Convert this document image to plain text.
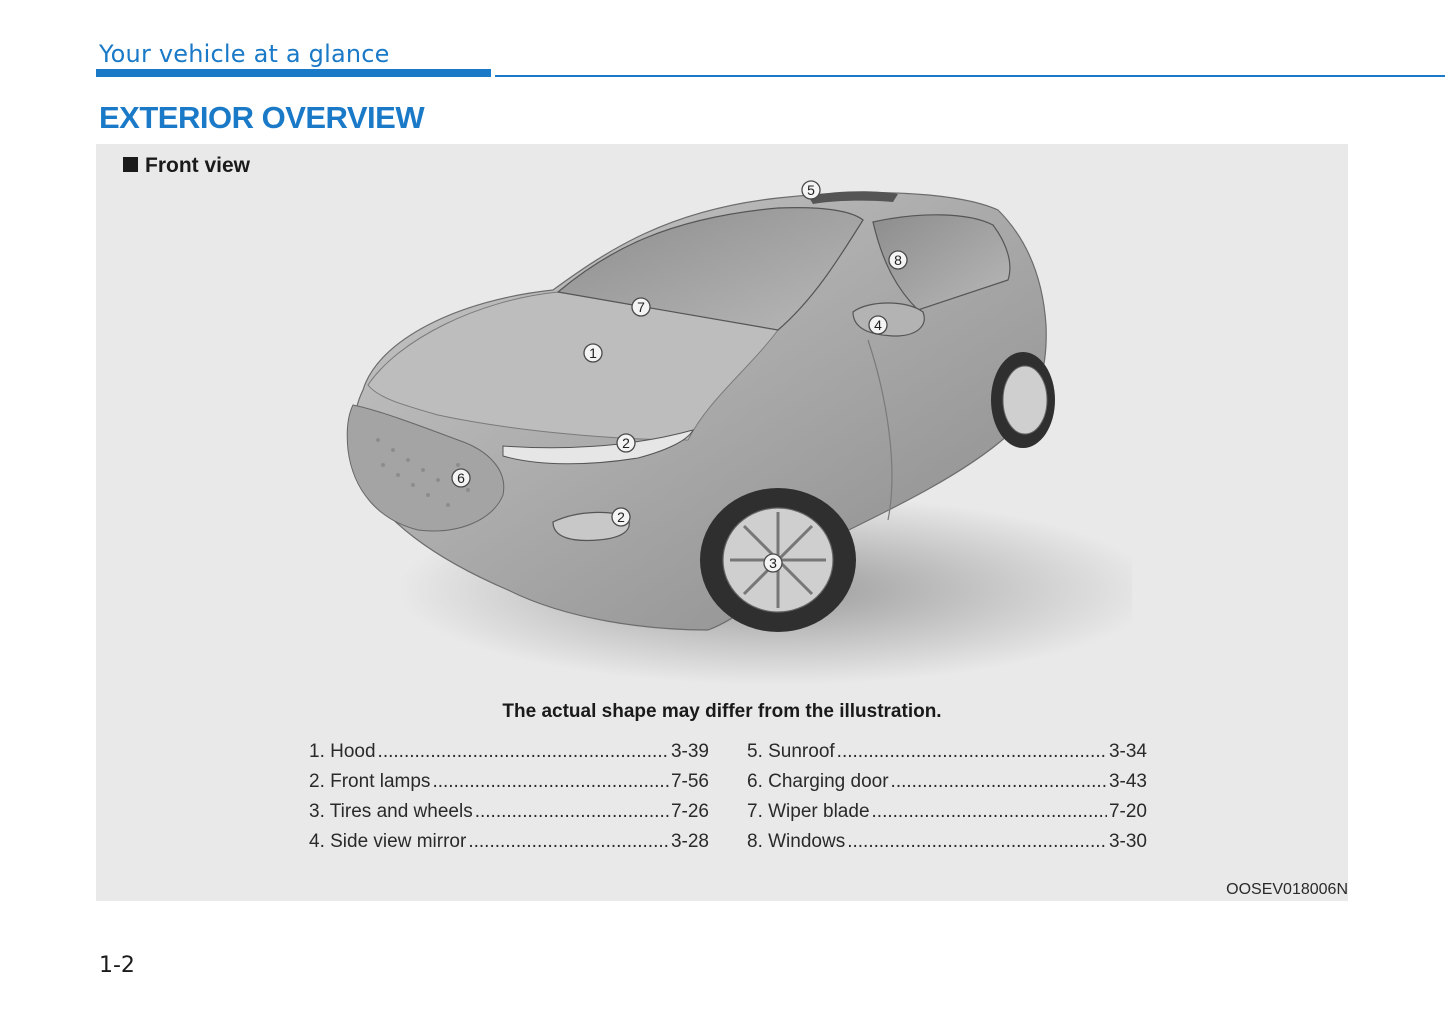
Your vehicle at a glance
EXTERIOR OVERVIEW
Front view
1
2
2
3
4
5
6
7
8
The actual shape may differ from the illustration.
1. Hood .....	3-39
2. Front lamps .....	7-56
3. Tires and wheels .....	7-26
4. Side view mirror .....	3-28
5. Sunroof .....	3-34
6. Charging door .....	3-43
7. Wiper blade .....	7-20
8. Windows .....	3-30
OOSEV018006N
1-2
